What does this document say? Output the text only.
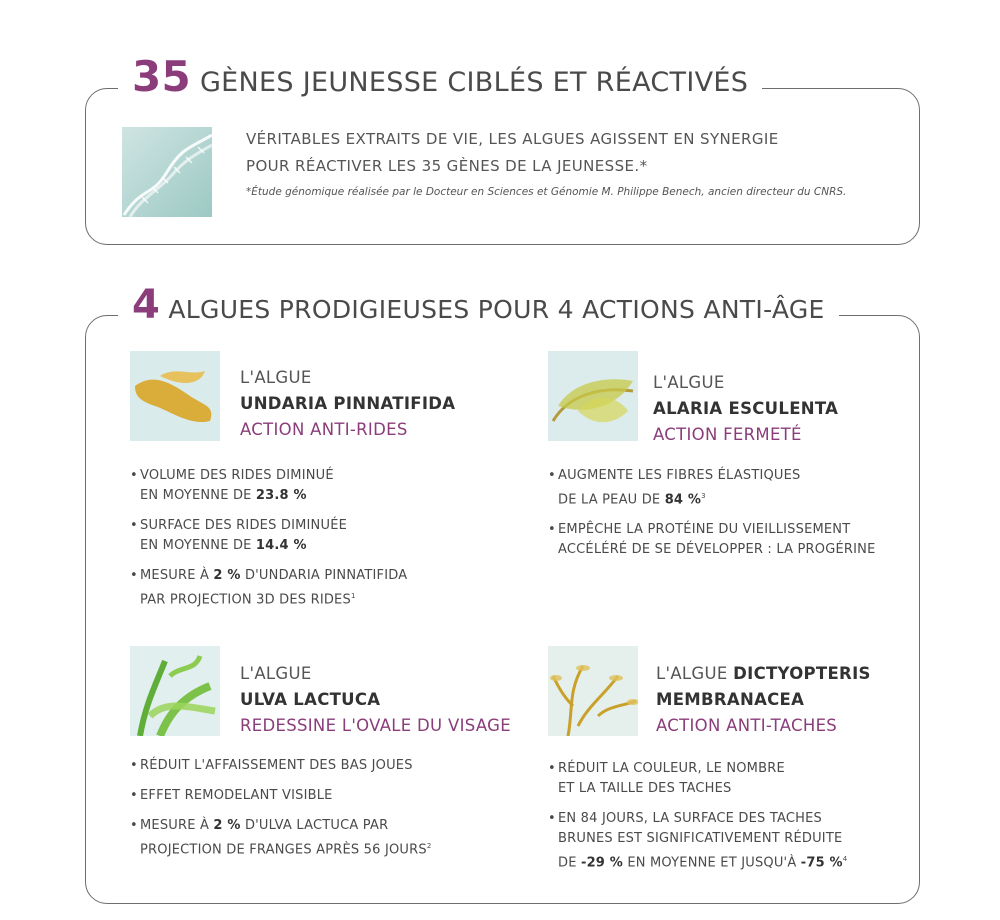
35 GÈNES JEUNESSE CIBLÉS ET RÉACTIVÉS
VÉRITABLES EXTRAITS DE VIE, LES ALGUES AGISSENT EN SYNERGIE
POUR RÉACTIVER LES 35 GÈNES DE LA JEUNESSE.*
*Étude génomique réalisée par le Docteur en Sciences et Génomie M. Philippe Benech, ancien directeur du CNRS.
4 ALGUES PRODIGIEUSES POUR 4 ACTIONS ANTI-ÂGE
L'ALGUE
UNDARIA PINNATIFIDA
ACTION ANTI-RIDES
• VOLUME DES RIDES DIMINUÉ
EN MOYENNE DE 23.8 %
• SURFACE DES RIDES DIMINUÉE
EN MOYENNE DE 14.4 %
• MESURE À 2 % D'UNDARIA PINNATIFIDA
PAR PROJECTION 3D DES RIDES$^1$
L'ALGUE
ALARIA ESCULENTA
ACTION FERMETÉ
• AUGMENTE LES FIBRES ÉLASTIQUES
DE LA PEAU DE 84 %$^3$
• EMPÊCHE LA PROTÉINE DU VIEILLISSEMENT
ACCÉLÉRÉ DE SE DÉVELOPPER : LA PROGÉRINE
L'ALGUE
ULVA LACTUCA
REDESSINE L'OVALE DU VISAGE
• RÉDUIT L'AFFAISSEMENT DES BAS JOUES
• EFFET REMODELANT VISIBLE
• MESURE À 2 % D'ULVA LACTUCA PAR
PROJECTION DE FRANGES APRÈS 56 JOURS$^2$
L'ALGUE DICTYOPTERIS
MEMBRANACEA
ACTION ANTI-TACHES
• RÉDUIT LA COULEUR, LE NOMBRE
ET LA TAILLE DES TACHES
• EN 84 JOURS, LA SURFACE DES TACHES
BRUNES EST SIGNIFICATIVEMENT RÉDUITE
DE -29 % EN MOYENNE ET JUSQU'À -75 %$^4$
